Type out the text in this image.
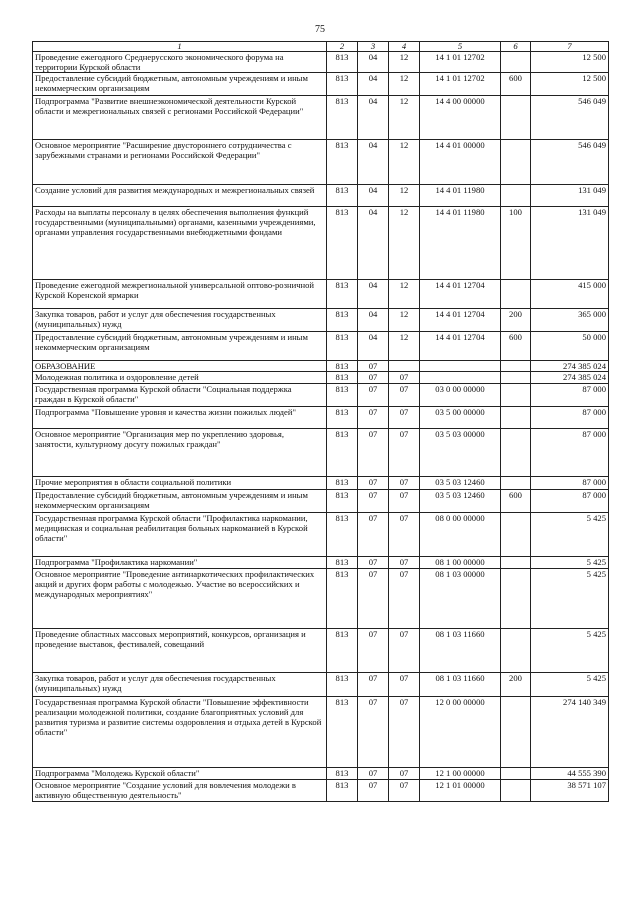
75
1	2	3	4	5	6	7
Проведение ежегодного Среднерусского экономического форума на территории Курской области	813	04	12	14 1 01 12702		12 500
Предоставление субсидий бюджетным, автономным учреждениям и иным некоммерческим организациям	813	04	12	14 1 01 12702	600	12 500
Подпрограмма "Развитие внешнеэкономической деятельности Курской области и межрегиональных связей с регионами Российской Федерации"	813	04	12	14 4 00 00000		546 049
Основное мероприятие "Расширение двустороннего сотрудничества с зарубежными странами и регионами Российской Федерации"	813	04	12	14 4 01 00000		546 049
Создание условий для развития международных и межрегиональных связей	813	04	12	14 4 01 11980		131 049
Расходы на выплаты персоналу в целях обеспечения выполнения функций государственными (муниципальными) органами, казенными учреждениями, органами управления государственными внебюджетными фондами	813	04	12	14 4 01 11980	100	131 049
Проведение ежегодной межрегиональной универсальной оптово-розничной Курской Коренской ярмарки	813	04	12	14 4 01 12704		415 000
Закупка товаров, работ и услуг для обеспечения государственных (муниципальных) нужд	813	04	12	14 4 01 12704	200	365 000
Предоставление субсидий бюджетным, автономным учреждениям и иным некоммерческим организациям	813	04	12	14 4 01 12704	600	50 000
ОБРАЗОВАНИЕ	813	07				274 385 024
Молодежная политика и оздоровление детей	813	07	07			274 385 024
Государственная программа Курской области "Социальная поддержка граждан в Курской области"	813	07	07	03 0 00 00000		87 000
Подпрограмма "Повышение уровня и качества жизни пожилых людей"	813	07	07	03 5 00 00000		87 000
Основное мероприятие "Организация мер по укреплению здоровья, занятости, культурному досугу пожилых граждан"	813	07	07	03 5 03 00000		87 000
Прочие мероприятия в области социальной политики	813	07	07	03 5 03 12460		87 000
Предоставление субсидий бюджетным, автономным учреждениям и иным некоммерческим организациям	813	07	07	03 5 03 12460	600	87 000
Государственная программа Курской области "Профилактика наркомании, медицинская и социальная реабилитация больных наркоманией в Курской области"	813	07	07	08 0 00 00000		5 425
Подпрограмма "Профилактика наркомании"	813	07	07	08 1 00 00000		5 425
Основное мероприятие "Проведение антинаркотических профилактических акций и других форм работы с молодежью. Участие во всероссийских и международных мероприятиях"	813	07	07	08 1 03 00000		5 425
Проведение областных массовых мероприятий, конкурсов, организация и проведение выставок, фестивалей, совещаний	813	07	07	08 1 03 11660		5 425
Закупка товаров, работ и услуг для обеспечения государственных (муниципальных) нужд	813	07	07	08 1 03 11660	200	5 425
Государственная программа Курской области "Повышение эффективности реализации молодежной политики, создание благоприятных условий для развития туризма и развитие системы оздоровления и отдыха детей в Курской области"	813	07	07	12 0 00 00000		274 140 349
Подпрограмма "Молодежь Курской области"	813	07	07	12 1 00 00000		44 555 390
Основное мероприятие "Создание условий для вовлечения молодежи в активную общественную деятельность"	813	07	07	12 1 01 00000		38 571 107
